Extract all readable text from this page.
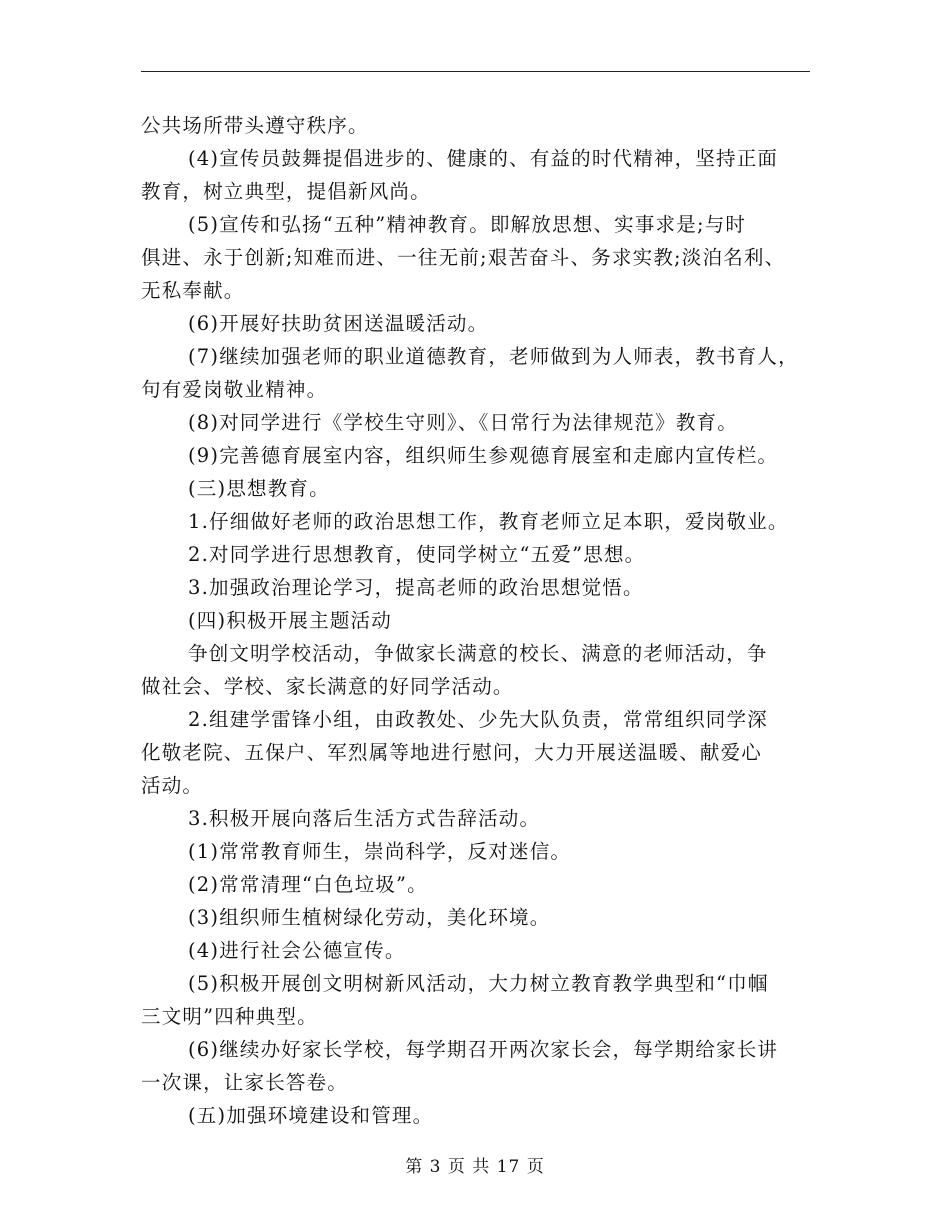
公共场所带头遵守秩序。
(4)宣传员鼓舞提倡进步的、健康的、有益的时代精神，坚持正面
教育，树立典型，提倡新风尚。
(5)宣传和弘扬“五种”精神教育。即解放思想、实事求是;与时
俱进、永于创新;知难而进、一往无前;艰苦奋斗、务求实教;淡泊名利、
无私奉献。
(6)开展好扶助贫困送温暖活动。
(7)继续加强老师的职业道德教育，老师做到为人师表，教书育人，
句有爱岗敬业精神。
(8)对同学进行《学校生守则》、《日常行为法律规范》教育。
(9)完善德育展室内容，组织师生参观德育展室和走廊内宣传栏。
(三)思想教育。
1.仔细做好老师的政治思想工作，教育老师立足本职，爱岗敬业。
2.对同学进行思想教育，使同学树立“五爱”思想。
3.加强政治理论学习，提高老师的政治思想觉悟。
(四)积极开展主题活动
争创文明学校活动，争做家长满意的校长、满意的老师活动，争
做社会、学校、家长满意的好同学活动。
2.组建学雷锋小组，由政教处、少先大队负责，常常组织同学深
化敬老院、五保户、军烈属等地进行慰问，大力开展送温暖、献爱心
活动。
3.积极开展向落后生活方式告辞活动。
(1)常常教育师生，崇尚科学，反对迷信。
(2)常常清理“白色垃圾”。
(3)组织师生植树绿化劳动，美化环境。
(4)进行社会公德宣传。
(5)积极开展创文明树新风活动，大力树立教育教学典型和“巾帼
三文明”四种典型。
(6)继续办好家长学校，每学期召开两次家长会，每学期给家长讲
一次课，让家长答卷。
(五)加强环境建设和管理。
第 3 页 共 17 页
